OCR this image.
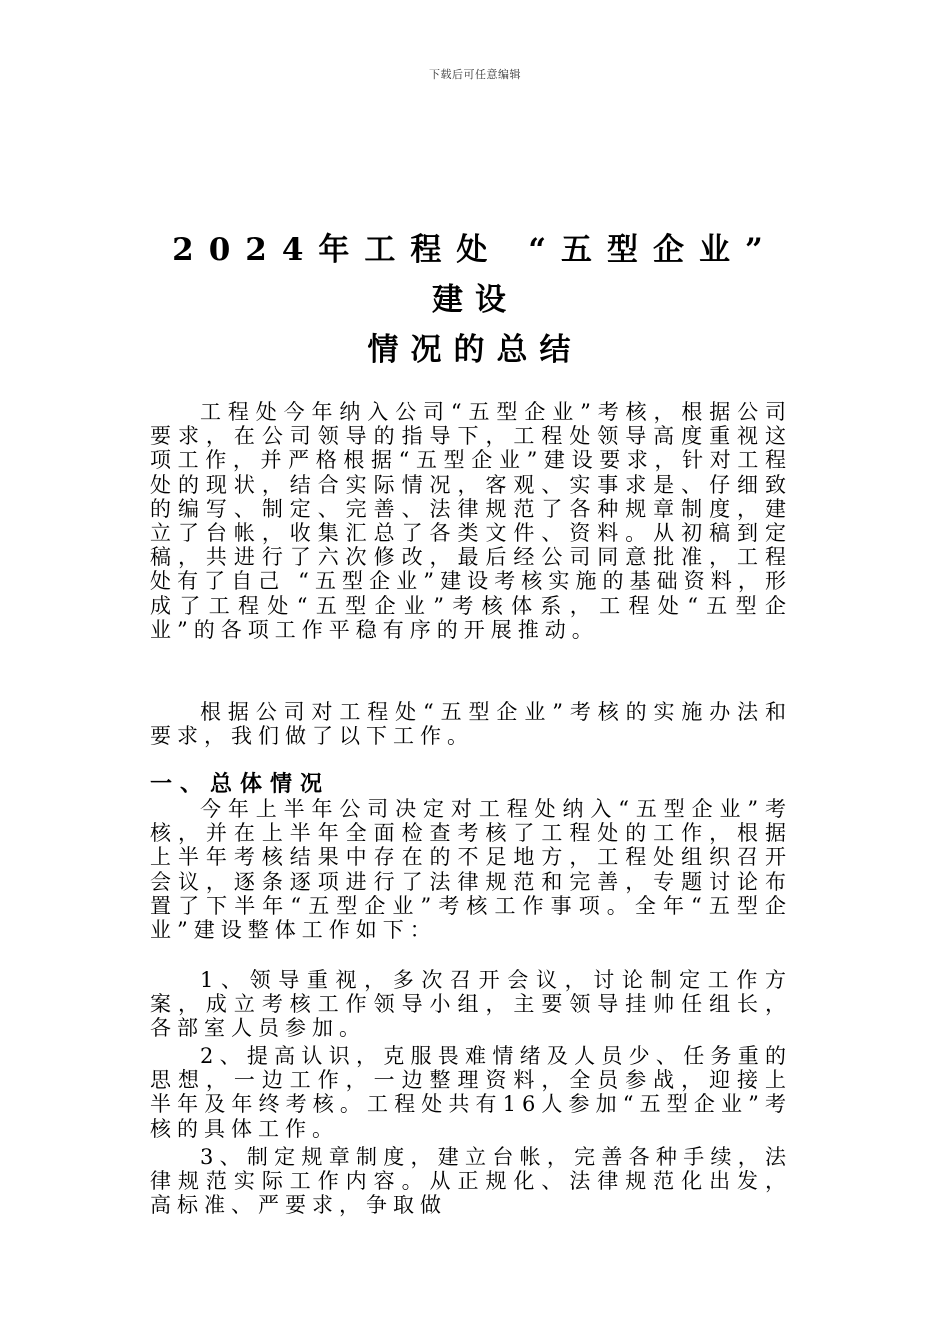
下载后可任意编辑
2024年工程处 “五型企业”
建设
情况的总结

工程处今年纳入公司“五型企业”考核，根据公司要求，在公司领导的指导下，工程处领导高度重视这项工作，并严格根据“五型企业”建设要求，针对工程处的现状，结合实际情况，客观、实事求是、仔细致的编写、制定、完善、法律规范了各种规章制度，建立了台帐，收集汇总了各类文件、资料。从初稿到定稿，共进行了六次修改，最后经公司同意批准，工程处有了自己 “五型企业”建设考核实施的基础资料，形成了工程处“五型企业”考核体系，工程处“五型企业”的各项工作平稳有序的开展推动。

根据公司对工程处“五型企业”考核的实施办法和要求，我们做了以下工作。

一、总体情况

今年上半年公司决定对工程处纳入“五型企业”考核，并在上半年全面检查考核了工程处的工作，根据上半年考核结果中存在的不足地方，工程处组织召开会议，逐条逐项进行了法律规范和完善，专题讨论布置了下半年“五型企业”考核工作事项。全年“五型企业”建设整体工作如下：

1、领导重视，多次召开会议，讨论制定工作方案，成立考核工作领导小组，主要领导挂帅任组长，各部室人员参加。

2、提高认识，克服畏难情绪及人员少、任务重的思想，一边工作，一边整理资料，全员参战，迎接上半年及年终考核。工程处共有16人参加“五型企业”考核的具体工作。

3、制定规章制度，建立台帐，完善各种手续，法律规范实际工作内容。从正规化、法律规范化出发，高标准、严要求，争取做
